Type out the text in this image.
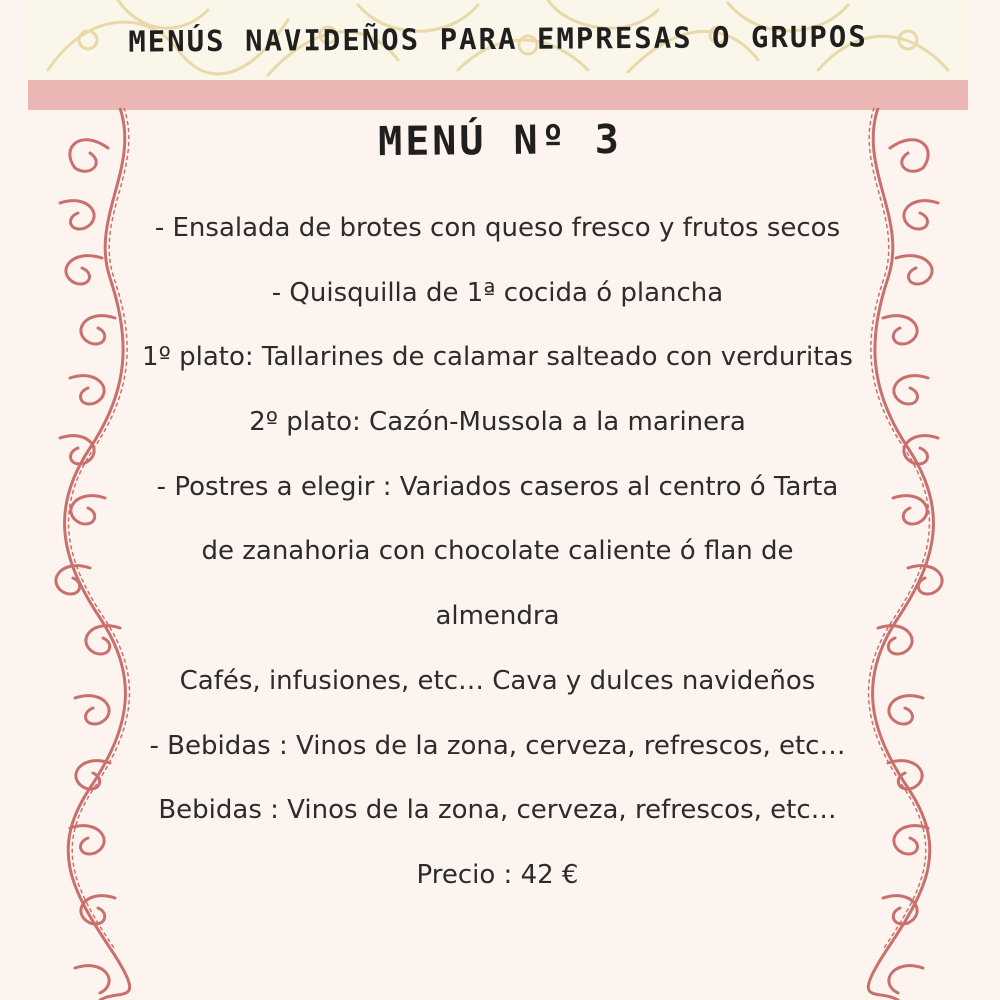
MENÚS NAVIDEÑOS PARA EMPRESAS O GRUPOS
MENÚ Nº 3
- Ensalada de brotes con queso fresco y frutos secos
- Quisquilla de 1ª cocida ó plancha
1º plato: Tallarines de calamar salteado con verduritas
2º plato: Cazón-Mussola a la marinera
- Postres a elegir : Variados caseros al centro ó Tarta
de zanahoria con chocolate caliente ó flan de
almendra
Cafés, infusiones, etc… Cava y dulces navideños
- Bebidas : Vinos de la zona, cerveza, refrescos, etc…
Bebidas : Vinos de la zona, cerveza, refrescos, etc…
Precio : 42 €
